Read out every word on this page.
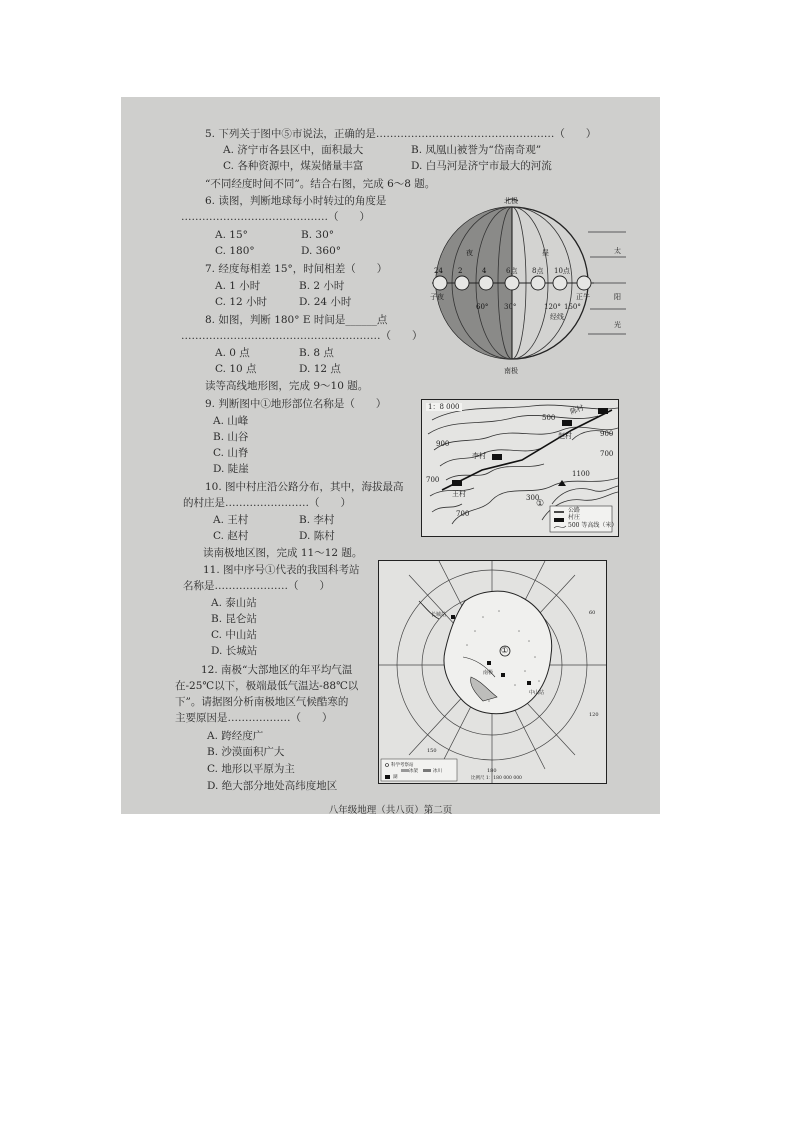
5. 下列关于图中⑤市说法，正确的是……………………………………………（　　）
A. 济宁市各县区中，面积最大	B. 凤凰山被誉为“岱南奇观”
C. 各种资源中，煤炭储量丰富	D. 白马河是济宁市最大的河流
“不同经度时间不同”。结合右图，完成 6～8 题。
6. 读图，判断地球每小时转过的角度是
……………………………………（　　）
A. 15°	B. 30°
C. 180°	D. 360°
7. 经度每相差 15°，时间相差（　　）
A. 1 小时	B. 2 小时
C. 12 小时	D. 24 小时
8. 如图，判断 180° E 时间是______点
…………………………………………………（　　）
A. 0 点	B. 8 点
C. 10 点	D. 12 点
读等高线地形图，完成 9～10 题。
9. 判断图中①地形部位名称是（　　）
A. 山峰
B. 山谷
C. 山脊
D. 陡崖
10. 图中村庄沿公路分布，其中，海拔最高
的村庄是……………………（　　）
A. 王村	B. 李村
C. 赵村	D. 陈村
读南极地区图，完成 11～12 题。
11. 图中序号①代表的我国科考站
名称是…………………（　　）
A. 泰山站
B. 昆仑站
C. 中山站
D. 长城站
12. 南极“大部地区的年平均气温
在-25℃以下，极端最低气温达-88℃以
下”。请据图分析南极地区气候酷寒的
主要原因是………………（　　）
A. 跨经度广
B. 沙漠面积广大
C. 地形以平原为主
D. 绝大部分地处高纬度地区
北极
南极
夜	昼	太
阳
光
24 2	4	6点 8点 10点
正午
子夜
60° 30°	120° 150°
经线
1：8 000	陈村
赵村
李村
王村
500
900
700
900
1100
700
700
300
①
公路
村庄
500 等高线（米）
①
长城站
中山站
南极
60
120
150
180
科学考察站
冰架	冰川
湖	比例尺 1：180 000 000
八年级地理（共八页）第二页
